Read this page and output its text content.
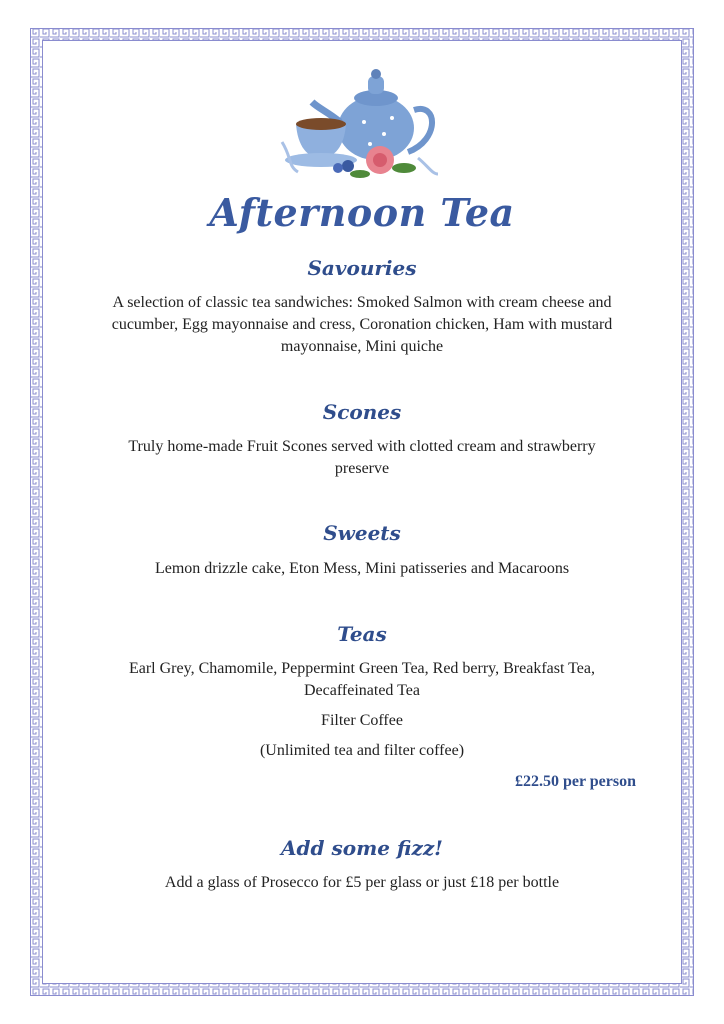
Afternoon Tea
Savouries
A selection of classic tea sandwiches: Smoked Salmon with cream cheese and cucumber, Egg mayonnaise and cress, Coronation chicken, Ham with mustard mayonnaise, Mini quiche
Scones
Truly home-made Fruit Scones served with clotted cream and strawberry preserve
Sweets
Lemon drizzle cake, Eton Mess, Mini patisseries and Macaroons
Teas
Earl Grey, Chamomile, Peppermint Green Tea, Red berry, Breakfast Tea, Decaffeinated Tea
Filter Coffee
(Unlimited tea and filter coffee)
£22.50 per person
Add some fizz!
Add a glass of Prosecco for £5 per glass or just £18 per bottle
